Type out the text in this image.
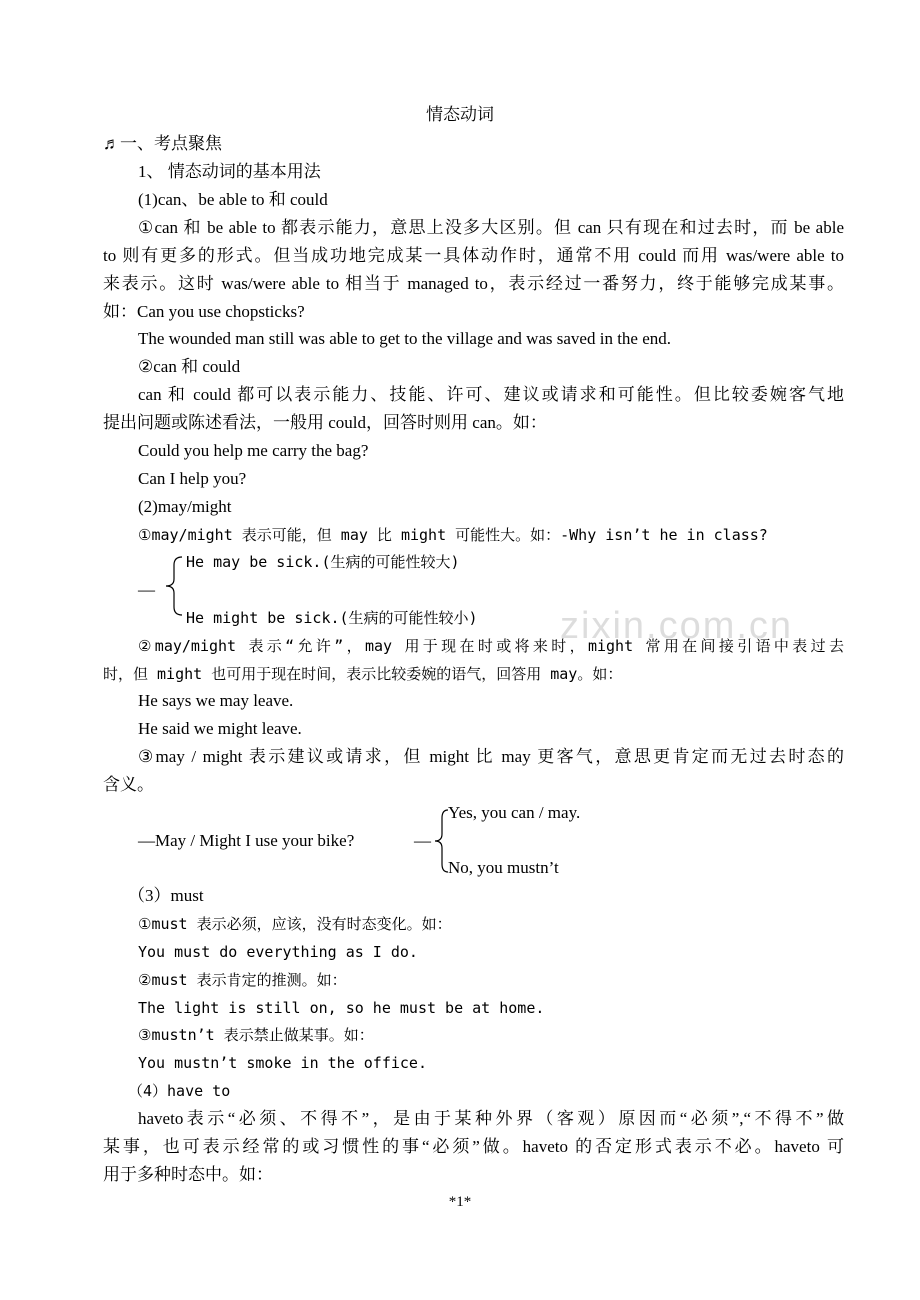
情态动词
♬一、考点聚焦
1、 情态动词的基本用法
(1)can、be able to 和 could
①can 和 be able to 都表示能力，意思上没多大区别。但 can 只有现在和过去时，而 be able
to 则有更多的形式。但当成功地完成某一具体动作时，通常不用 could 而用 was/were able to
来表示。这时 was/were able to 相当于 managed to，表示经过一番努力，终于能够完成某事。
如：Can you use chopsticks?
The wounded man still was able to get to the village and was saved in the end.
②can 和 could
can 和 could 都可以表示能力、技能、许可、建议或请求和可能性。但比较委婉客气地
提出问题或陈述看法，一般用 could，回答时则用 can。如：
Could you help me carry the bag?
Can I help you?
(2)may/might
①may/might 表示可能，但 may 比 might 可能性大。如：-Why isn’t he in class?
—
He may be sick.(生病的可能性较大)
He might be sick.(生病的可能性较小) zixin.com.cn
②may/might 表示“允许”，may 用于现在时或将来时，might 常用在间接引语中表过去
时，但 might 也可用于现在时间，表示比较委婉的语气，回答用 may。如：
He says we may leave.
He said we might leave.
③may / might 表示建议或请求，但 might 比 may 更客气，意思更肯定而无过去时态的
含义。
—May / Might I use your bike?	—
Yes, you can / may.
No, you mustn’t
（3）must
①must 表示必须，应该，没有时态变化。如：
You must do everything as I do.
②must 表示肯定的推测。如：
The light is still on, so he must be at home.
③mustn’t 表示禁止做某事。如：
You mustn’t smoke in the office.
（4）have to
haveto表示“必须、不得不”，是由于某种外界（客观）原因而“必须”,“不得不”做
某事，也可表示经常的或习惯性的事“必须”做。haveto 的否定形式表示不必。haveto 可
用于多种时态中。如：
*1*
